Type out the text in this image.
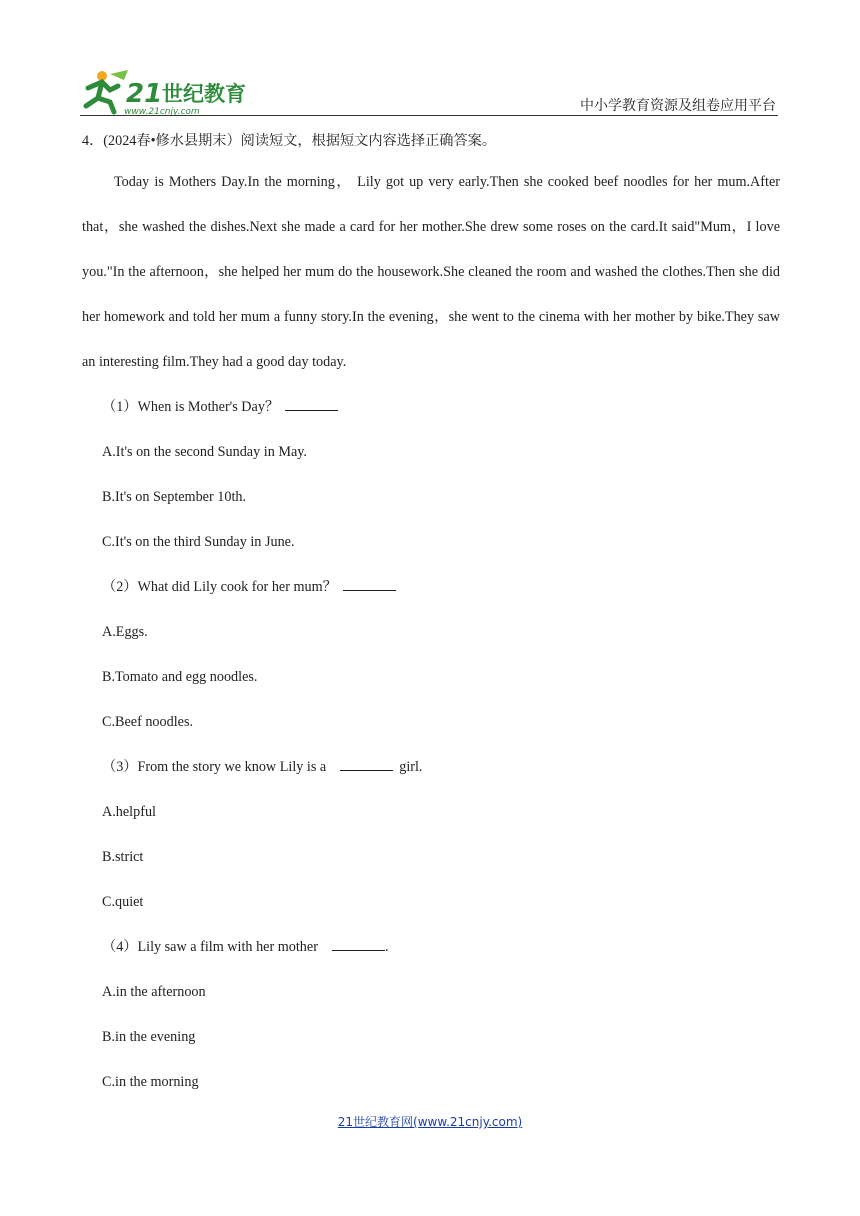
21 世纪教育
www.21cnjy.com	中小学教育资源及组卷应用平台

4．(2024春•修水县期末）阅读短文，根据短文内容选择正确答案。

Today is Mothers Day.In the morning， Lily got up very early.Then she cooked beef noodles for her mum.After that，she washed the dishes.Next she made a card for her mother.She drew some roses on the card.It said"Mum，I love you."In the afternoon，she helped her mum do the housework.She cleaned the room and washed the clothes.Then she did her homework and told her mum a funny story.In the evening，she went to the cinema with her mother by bike.They saw an interesting film.They had a good day today.

（1）When is Mother's Day？

A.It's on the second Sunday in May.

B.It's on September 10th.

C.It's on the third Sunday in June.

（2）What did Lily cook for her mum？

A.Eggs.

B.Tomato and egg noodles.

C.Beef noodles.

（3）From the story we know Lily is a	girl.

A.helpful

B.strict

C.quiet

（4）Lily saw a film with her mother	.

A.in the afternoon

B.in the evening

C.in the morning

21世纪教育网(www.21cnjy.com)
